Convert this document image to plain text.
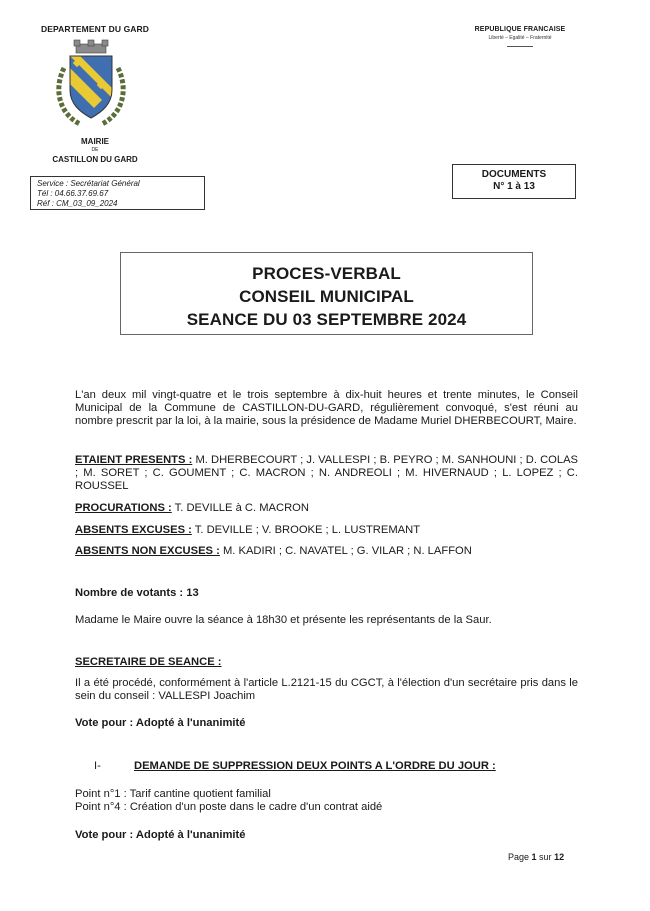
DEPARTEMENT DU GARD
MAIRIE
DE
CASTILLON DU GARD
REPUBLIQUE FRANCAISE
Liberté – Egalité – Fraternité
Service : Secrétariat Général
Tél : 04.66.37.69.67
Réf : CM_03_09_2024
DOCUMENTS
N° 1 à 13
PROCES-VERBAL
CONSEIL MUNICIPAL
SEANCE DU 03 SEPTEMBRE 2024
L'an deux mil vingt-quatre et le trois septembre à dix-huit heures et trente minutes, le Conseil Municipal de la Commune de CASTILLON-DU-GARD, régulièrement convoqué, s'est réuni au nombre prescrit par la loi, à la mairie, sous la présidence de Madame Muriel DHERBECOURT, Maire.
ETAIENT PRESENTS : M. DHERBECOURT ; J. VALLESPI ; B. PEYRO ; M. SANHOUNI ; D. COLAS ; M. SORET ; C. GOUMENT ; C. MACRON ; N. ANDREOLI ; M. HIVERNAUD ; L. LOPEZ ; C. ROUSSEL
PROCURATIONS : T. DEVILLE à C. MACRON
ABSENTS EXCUSES : T. DEVILLE ; V. BROOKE ; L. LUSTREMANT
ABSENTS NON EXCUSES : M. KADIRI ; C. NAVATEL ; G. VILAR ; N. LAFFON
Nombre de votants : 13
Madame le Maire ouvre la séance à 18h30 et présente les représentants de la Saur.
SECRETAIRE DE SEANCE :
Il a été procédé, conformément à l'article L.2121-15 du CGCT, à l'élection d'un secrétaire pris dans le sein du conseil : VALLESPI Joachim
Vote pour : Adopté à l'unanimité
I-	DEMANDE DE SUPPRESSION DEUX POINTS A L'ORDRE DU JOUR :
Point n°1 : Tarif cantine quotient familial
Point n°4 : Création d'un poste dans le cadre d'un contrat aidé
Vote pour : Adopté à l'unanimité
Page 1 sur 12
